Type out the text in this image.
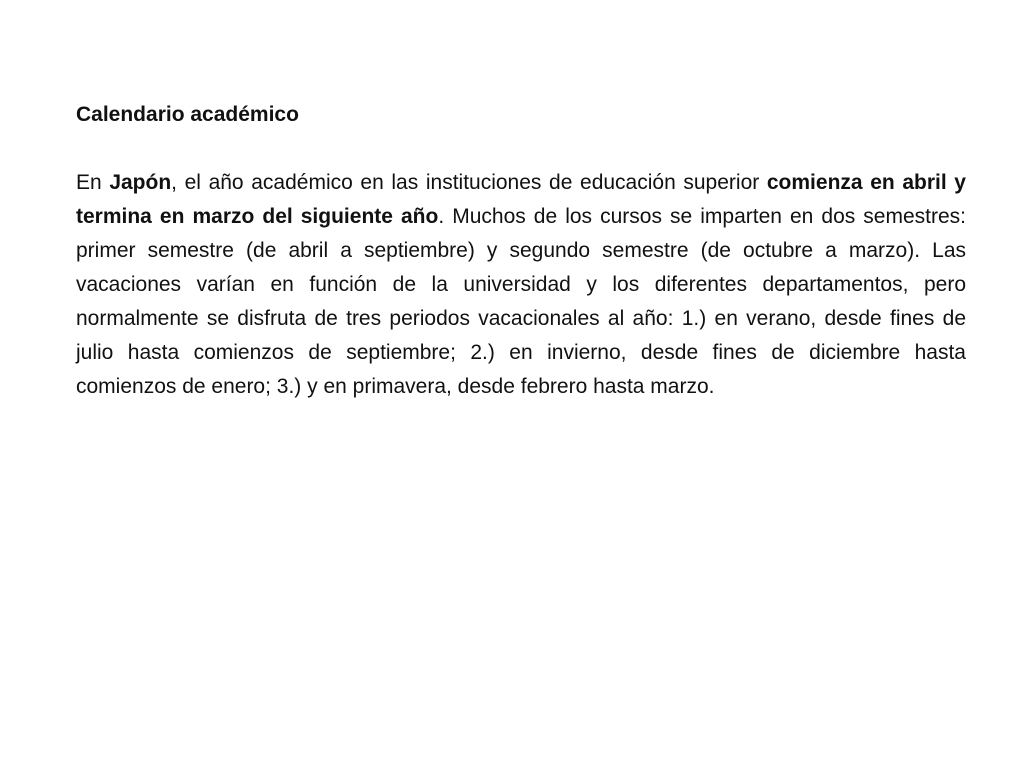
Calendario académico

En Japón, el año académico en las instituciones de educación superior comienza en abril y termina en marzo del siguiente año. Muchos de los cursos se imparten en dos semestres: primer semestre (de abril a septiembre) y segundo semestre (de octubre a marzo). Las vacaciones varían en función de la universidad y los diferentes departamentos, pero normalmente se disfruta de tres periodos vacacionales al año: 1.) en verano, desde fines de julio hasta comienzos de septiembre; 2.) en invierno, desde fines de diciembre hasta comienzos de enero; 3.) y en primavera, desde febrero hasta marzo.
